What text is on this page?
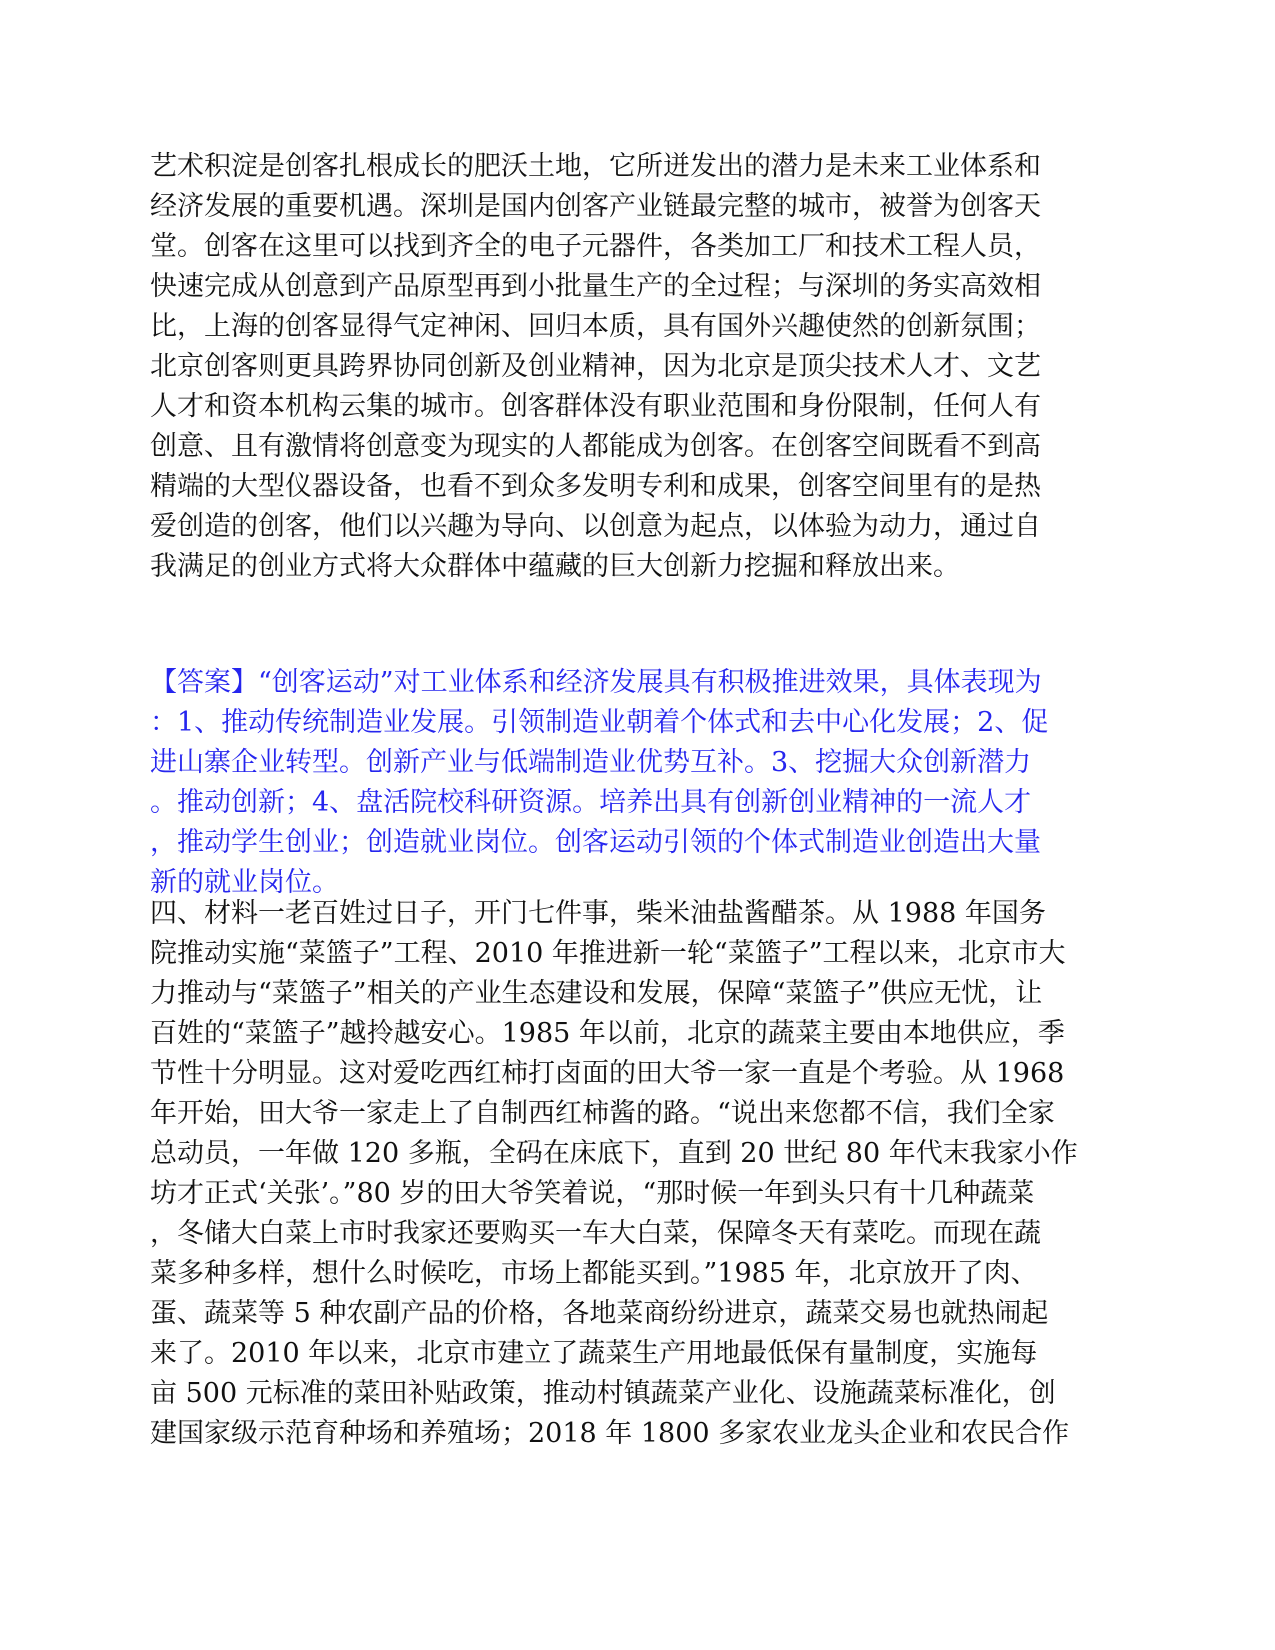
艺术积淀是创客扎根成长的肥沃土地，它所迸发出的潜力是未来工业体系和
经济发展的重要机遇。深圳是国内创客产业链最完整的城市，被誉为创客天
堂。创客在这里可以找到齐全的电子元器件，各类加工厂和技术工程人员，
快速完成从创意到产品原型再到小批量生产的全过程；与深圳的务实高效相
比，上海的创客显得气定神闲、回归本质，具有国外兴趣使然的创新氛围；
北京创客则更具跨界协同创新及创业精神，因为北京是顶尖技术人才、文艺
人才和资本机构云集的城市。创客群体没有职业范围和身份限制，任何人有
创意、且有激情将创意变为现实的人都能成为创客。在创客空间既看不到高
精端的大型仪器设备，也看不到众多发明专利和成果，创客空间里有的是热
爱创造的创客，他们以兴趣为导向、以创意为起点，以体验为动力，通过自
我满足的创业方式将大众群体中蕴藏的巨大创新力挖掘和释放出来。
【答案】“创客运动”对工业体系和经济发展具有积极推进效果，具体表现为
：1、推动传统制造业发展。引领制造业朝着个体式和去中心化发展；2、促
进山寨企业转型。创新产业与低端制造业优势互补。3、挖掘大众创新潜力
。推动创新；4、盘活院校科研资源。培养出具有创新创业精神的一流人才
，推动学生创业；创造就业岗位。创客运动引领的个体式制造业创造出大量
新的就业岗位。
四、材料一老百姓过日子，开门七件事，柴米油盐酱醋茶。从 1988 年国务
院推动实施“菜篮子”工程、2010 年推进新一轮“菜篮子”工程以来，北京市大
力推动与“菜篮子”相关的产业生态建设和发展，保障“菜篮子”供应无忧，让
百姓的“菜篮子”越拎越安心。1985 年以前，北京的蔬菜主要由本地供应，季
节性十分明显。这对爱吃西红柿打卤面的田大爷一家一直是个考验。从 1968
年开始，田大爷一家走上了自制西红柿酱的路。“说出来您都不信，我们全家
总动员，一年做 120 多瓶，全码在床底下，直到 20 世纪 80 年代末我家小作
坊才正式‘关张’。”80 岁的田大爷笑着说，“那时候一年到头只有十几种蔬菜
，冬储大白菜上市时我家还要购买一车大白菜，保障冬天有菜吃。而现在蔬
菜多种多样，想什么时候吃，市场上都能买到。”1985 年，北京放开了肉、
蛋、蔬菜等 5 种农副产品的价格，各地菜商纷纷进京，蔬菜交易也就热闹起
来了。2010 年以来，北京市建立了蔬菜生产用地最低保有量制度，实施每
亩 500 元标准的菜田补贴政策，推动村镇蔬菜产业化、设施蔬菜标准化，创
建国家级示范育种场和养殖场；2018 年 1800 多家农业龙头企业和农民合作
